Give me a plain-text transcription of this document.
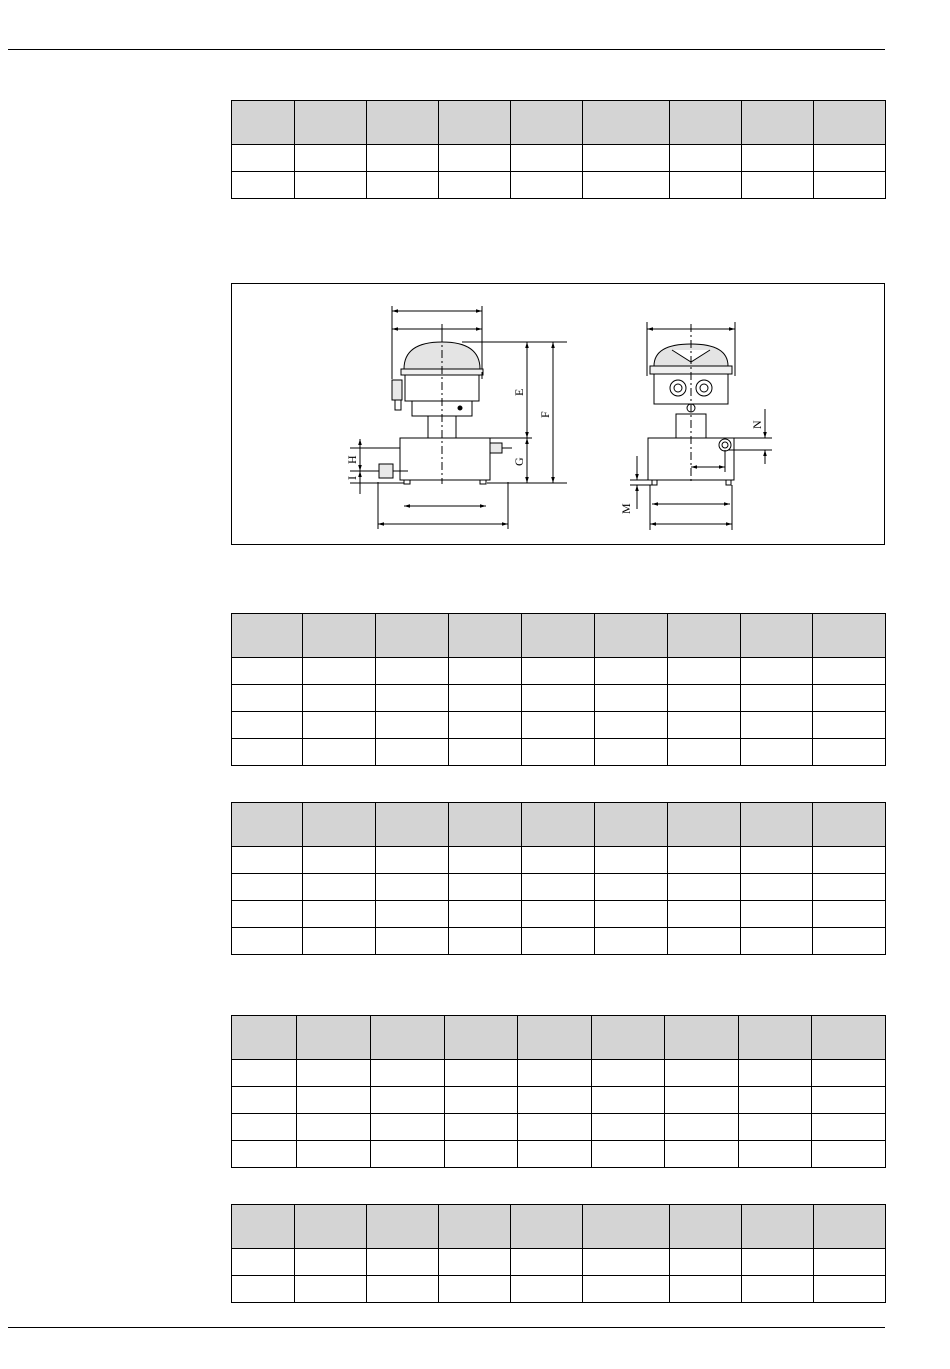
E
F
G
H
I
N
M
